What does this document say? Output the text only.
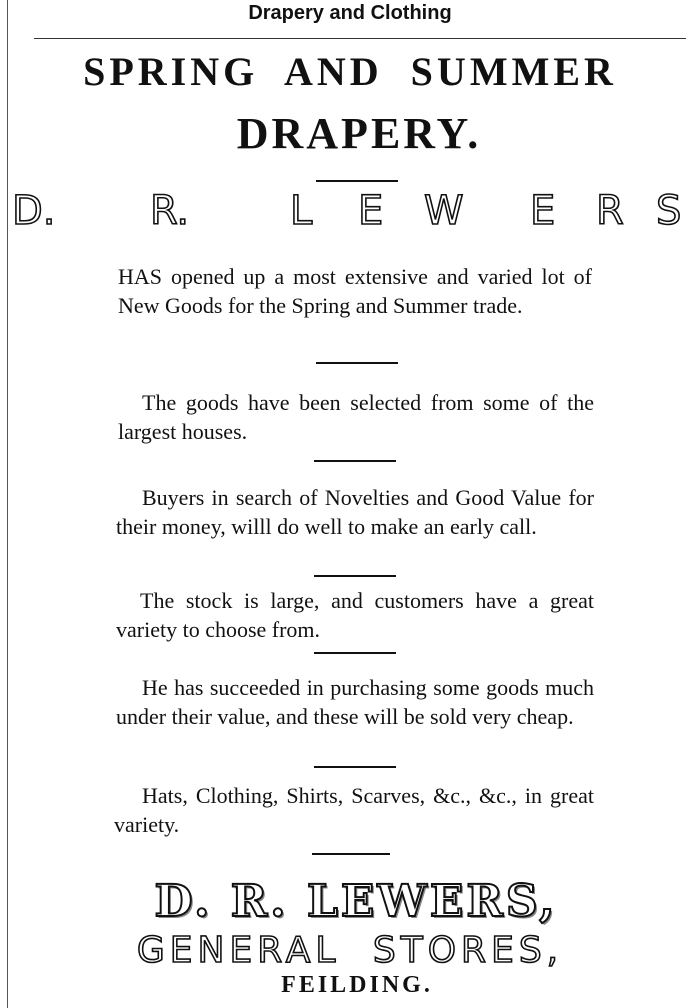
Drapery and Clothing
SPRING AND SUMMER
DRAPERY.
D. R.	L E W E R S
HAS opened up a most extensive and varied lot of New Goods for the Spring and Summer trade.
The goods have been selected from some of the largest houses.
Buyers in search of Novelties and Good Value for their money, willl do well to make an early call.
The stock is large, and customers have a great variety to choose from.
He has succeeded in purchasing some goods much under their value, and these will be sold very cheap.
Hats, Clothing, Shirts, Scarves, &c., &c., in great variety.
D. R. LEWERS,
GENERAL STORES,
FEILDING.
